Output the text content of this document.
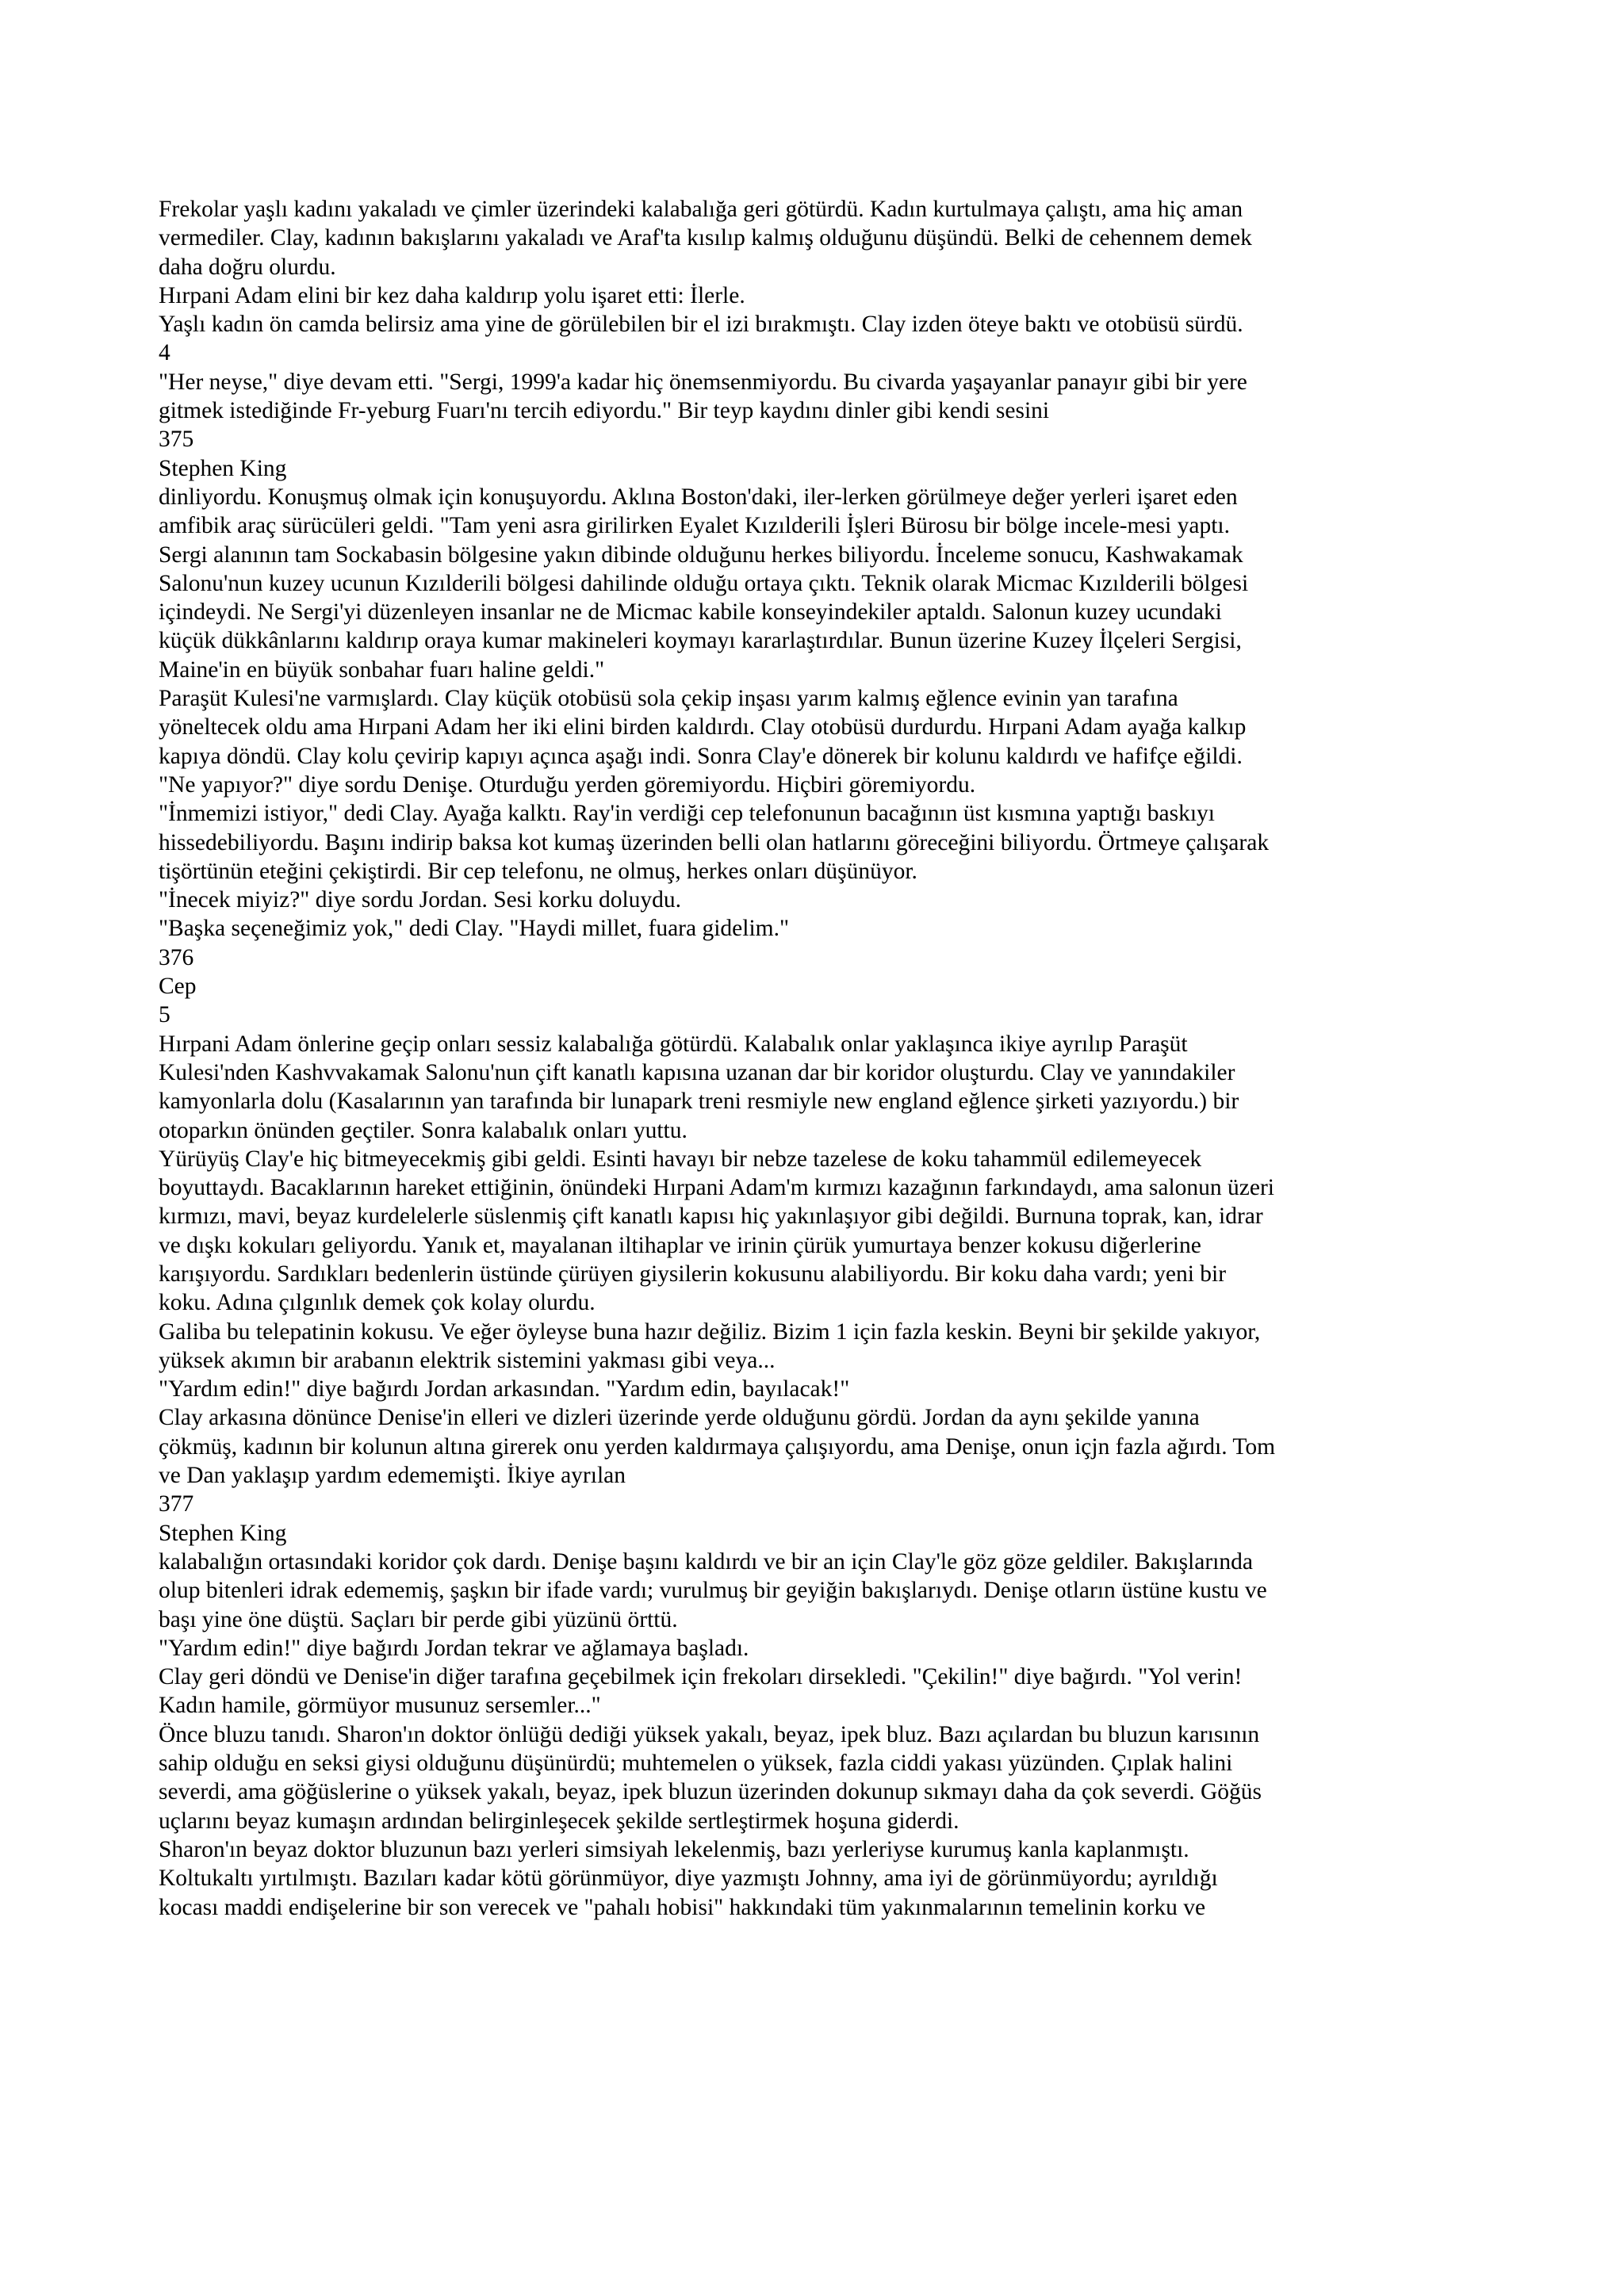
Frekolar yaşlı kadını yakaladı ve çimler üzerindeki kalabalığa geri götürdü. Kadın kurtulmaya çalıştı, ama hiç aman
vermediler. Clay, kadının bakışlarını yakaladı ve Araf'ta kısılıp kalmış olduğunu düşündü. Belki de cehennem demek
daha doğru olurdu.
Hırpani Adam elini bir kez daha kaldırıp yolu işaret etti: İlerle.
Yaşlı kadın ön camda belirsiz ama yine de görülebilen bir el izi bırakmıştı. Clay izden öteye baktı ve otobüsü sürdü.
4
"Her neyse," diye devam etti. "Sergi, 1999'a kadar hiç önemsenmiyordu. Bu civarda yaşayanlar panayır gibi bir yere
gitmek istediğinde Fr-yeburg Fuarı'nı tercih ediyordu." Bir teyp kaydını dinler gibi kendi sesini
375
Stephen King
dinliyordu. Konuşmuş olmak için konuşuyordu. Aklına Boston'daki, iler-lerken görülmeye değer yerleri işaret eden
amfibik araç sürücüleri geldi. "Tam yeni asra girilirken Eyalet Kızılderili İşleri Bürosu bir bölge incele-mesi yaptı.
Sergi alanının tam Sockabasin bölgesine yakın dibinde olduğunu herkes biliyordu. İnceleme sonucu, Kashwakamak
Salonu'nun kuzey ucunun Kızılderili bölgesi dahilinde olduğu ortaya çıktı. Teknik olarak Micmac Kızılderili bölgesi
içindeydi. Ne Sergi'yi düzenleyen insanlar ne de Micmac kabile konseyindekiler aptaldı. Salonun kuzey ucundaki
küçük dükkânlarını kaldırıp oraya kumar makineleri koymayı kararlaştırdılar. Bunun üzerine Kuzey İlçeleri Sergisi,
Maine'in en büyük sonbahar fuarı haline geldi."
Paraşüt Kulesi'ne varmışlardı. Clay küçük otobüsü sola çekip inşası yarım kalmış eğlence evinin yan tarafına
yöneltecek oldu ama Hırpani Adam her iki elini birden kaldırdı. Clay otobüsü durdurdu. Hırpani Adam ayağa kalkıp
kapıya döndü. Clay kolu çevirip kapıyı açınca aşağı indi. Sonra Clay'e dönerek bir kolunu kaldırdı ve hafifçe eğildi.
"Ne yapıyor?" diye sordu Denişe. Oturduğu yerden göremiyordu. Hiçbiri göremiyordu.
"İnmemizi istiyor," dedi Clay. Ayağa kalktı. Ray'in verdiği cep telefonunun bacağının üst kısmına yaptığı baskıyı
hissedebiliyordu. Başını indirip baksa kot kumaş üzerinden belli olan hatlarını göreceğini biliyordu. Örtmeye çalışarak
tişörtünün eteğini çekiştirdi. Bir cep telefonu, ne olmuş, herkes onları düşünüyor.
"İnecek miyiz?" diye sordu Jordan. Sesi korku doluydu.
"Başka seçeneğimiz yok," dedi Clay. "Haydi millet, fuara gidelim."
376
Cep
5
Hırpani Adam önlerine geçip onları sessiz kalabalığa götürdü. Kalabalık onlar yaklaşınca ikiye ayrılıp Paraşüt
Kulesi'nden Kashvvakamak Salonu'nun çift kanatlı kapısına uzanan dar bir koridor oluşturdu. Clay ve yanındakiler
kamyonlarla dolu (Kasalarının yan tarafında bir lunapark treni resmiyle new england eğlence şirketi yazıyordu.) bir
otoparkın önünden geçtiler. Sonra kalabalık onları yuttu.
Yürüyüş Clay'e hiç bitmeyecekmiş gibi geldi. Esinti havayı bir nebze tazelese de koku tahammül edilemeyecek
boyuttaydı. Bacaklarının hareket ettiğinin, önündeki Hırpani Adam'm kırmızı kazağının farkındaydı, ama salonun üzeri
kırmızı, mavi, beyaz kurdelelerle süslenmiş çift kanatlı kapısı hiç yakınlaşıyor gibi değildi. Burnuna toprak, kan, idrar
ve dışkı kokuları geliyordu. Yanık et, mayalanan iltihaplar ve irinin çürük yumurtaya benzer kokusu diğerlerine
karışıyordu. Sardıkları bedenlerin üstünde çürüyen giysilerin kokusunu alabiliyordu. Bir koku daha vardı; yeni bir
koku. Adına çılgınlık demek çok kolay olurdu.
Galiba bu telepatinin kokusu. Ve eğer öyleyse buna hazır değiliz. Bizim 1 için fazla keskin. Beyni bir şekilde yakıyor,
yüksek akımın bir arabanın elektrik sistemini yakması gibi veya...
"Yardım edin!" diye bağırdı Jordan arkasından. "Yardım edin, bayılacak!"
Clay arkasına dönünce Denise'in elleri ve dizleri üzerinde yerde olduğunu gördü. Jordan da aynı şekilde yanına
çökmüş, kadının bir kolunun altına girerek onu yerden kaldırmaya çalışıyordu, ama Denişe, onun içjn fazla ağırdı. Tom
ve Dan yaklaşıp yardım edememişti. İkiye ayrılan
377
Stephen King
kalabalığın ortasındaki koridor çok dardı. Denişe başını kaldırdı ve bir an için Clay'le göz göze geldiler. Bakışlarında
olup bitenleri idrak edememiş, şaşkın bir ifade vardı; vurulmuş bir geyiğin bakışlarıydı. Denişe otların üstüne kustu ve
başı yine öne düştü. Saçları bir perde gibi yüzünü örttü.
"Yardım edin!" diye bağırdı Jordan tekrar ve ağlamaya başladı.
Clay geri döndü ve Denise'in diğer tarafına geçebilmek için frekoları dirsekledi. "Çekilin!" diye bağırdı. "Yol verin!
Kadın hamile, görmüyor musunuz sersemler..."
Önce bluzu tanıdı. Sharon'ın doktor önlüğü dediği yüksek yakalı, beyaz, ipek bluz. Bazı açılardan bu bluzun karısının
sahip olduğu en seksi giysi olduğunu düşünürdü; muhtemelen o yüksek, fazla ciddi yakası yüzünden. Çıplak halini
severdi, ama göğüslerine o yüksek yakalı, beyaz, ipek bluzun üzerinden dokunup sıkmayı daha da çok severdi. Göğüs
uçlarını beyaz kumaşın ardından belirginleşecek şekilde sertleştirmek hoşuna giderdi.
Sharon'ın beyaz doktor bluzunun bazı yerleri simsiyah lekelenmiş, bazı yerleriyse kurumuş kanla kaplanmıştı.
Koltukaltı yırtılmıştı. Bazıları kadar kötü görünmüyor, diye yazmıştı Johnny, ama iyi de görünmüyordu; ayrıldığı
kocası maddi endişelerine bir son verecek ve "pahalı hobisi" hakkındaki tüm yakınmalarının temelinin korku ve
